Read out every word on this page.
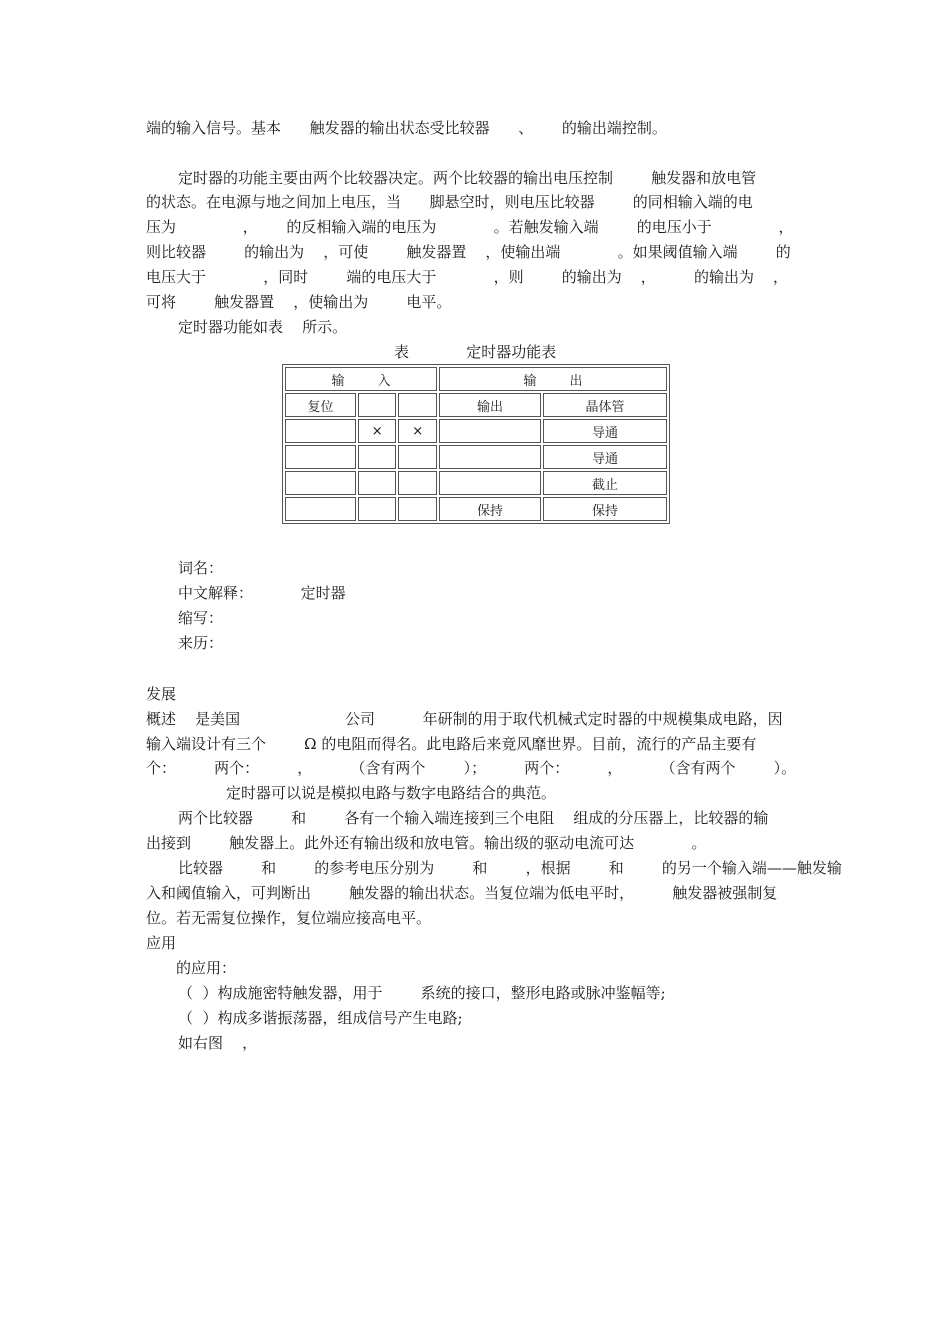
端的输入信号。基本      触发器的输出状态受比较器      、      的输出端控制。
定时器的功能主要由两个比较器决定。两个比较器的输出电压控制        触发器和放电管
的状态。在电源与地之间加上电压，当      脚悬空时，则电压比较器        的同相输入端的电
压为              ，      的反相输入端的电压为            。若触发输入端        的电压小于              ，
则比较器        的输出为    ，可使        触发器置    ，使输出端            。如果阈值输入端        的
电压大于            ，同时        端的电压大于            ，则        的输出为    ，        的输出为    ，
可将        触发器置    ，使输出为        电平。
定时器功能如表    所示。
表            定时器功能表
输        入			输        出	
复位			输出	晶体管
	×	×		导通
				导通
				截止
			保持	保持
词名：
中文解释：          定时器
缩写：
来历：
发展
概述    是美国                      公司          年研制的用于取代机械式定时器的中规模集成电路，因
输入端设计有三个        Ω 的电阻而得名。此电路后来竟风靡世界。目前，流行的产品主要有
个：        两个：        ，        （含有两个        ）；        两个：        ，        （含有两个        ）。
定时器可以说是模拟电路与数字电路结合的典范。
两个比较器        和        各有一个输入端连接到三个电阻    组成的分压器上，比较器的输
出接到        触发器上。此外还有输出级和放电管。输出级的驱动电流可达            。
比较器        和        的参考电压分别为        和        ，根据        和        的另一个输入端——触发输
入和阈值输入，可判断出        触发器的输出状态。当复位端为低电平时，        触发器被强制复
位。若无需复位操作，复位端应接高电平。
应用
的应用：
（  ）构成施密特触发器，用于        系统的接口，整形电路或脉冲鉴幅等;
（  ）构成多谐振荡器，组成信号产生电路;
如右图    ，
